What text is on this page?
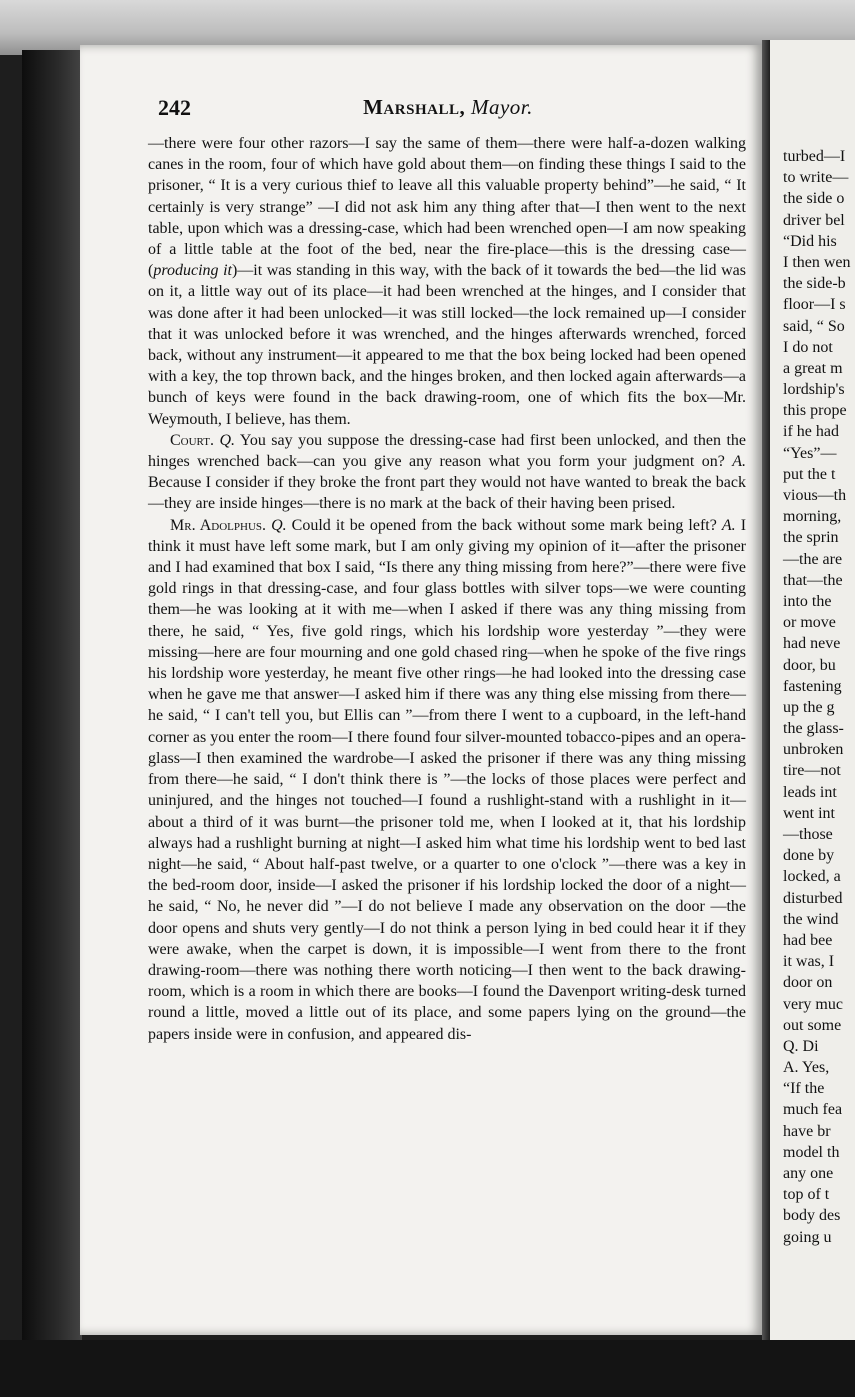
242	Marshall, Mayor.

—there were four other razors—I say the same of them—there were half-a-dozen walking canes in the room, four of which have gold about them—on finding these things I said to the prisoner, “ It is a very curious thief to leave all this valuable property behind”—he said, “ It certainly is very strange” —I did not ask him any thing after that—I then went to the next table, upon which was a dressing-case, which had been wrenched open—I am now speaking of a little table at the foot of the bed, near the fire-place—this is the dressing case—(producing it)—it was standing in this way, with the back of it towards the bed—the lid was on it, a little way out of its place—it had been wrenched at the hinges, and I consider that was done after it had been unlocked—it was still locked—the lock remained up—I consider that it was unlocked before it was wrenched, and the hinges afterwards wrenched, forced back, without any instrument—it appeared to me that the box being locked had been opened with a key, the top thrown back, and the hinges broken, and then locked again afterwards—a bunch of keys were found in the back drawing-room, one of which fits the box—Mr. Weymouth, I believe, has them.

Court. Q. You say you suppose the dressing-case had first been unlocked, and then the hinges wrenched back—can you give any reason what you form your judgment on? A. Because I consider if they broke the front part they would not have wanted to break the back—they are inside hinges—there is no mark at the back of their having been prised.

Mr. Adolphus. Q. Could it be opened from the back without some mark being left? A. I think it must have left some mark, but I am only giving my opinion of it—after the prisoner and I had examined that box I said, “Is there any thing missing from here?”—there were five gold rings in that dressing-case, and four glass bottles with silver tops—we were counting them—he was looking at it with me—when I asked if there was any thing missing from there, he said, “ Yes, five gold rings, which his lordship wore yesterday ”—they were missing—here are four mourning and one gold chased ring—when he spoke of the five rings his lordship wore yesterday, he meant five other rings—he had looked into the dressing case when he gave me that answer—I asked him if there was any thing else missing from there—he said, “ I can't tell you, but Ellis can ”—from there I went to a cupboard, in the left-hand corner as you enter the room—I there found four silver-mounted tobacco-pipes and an opera-glass—I then examined the wardrobe—I asked the prisoner if there was any thing missing from there—he said, “ I don't think there is ”—the locks of those places were perfect and uninjured, and the hinges not touched—I found a rushlight-stand with a rushlight in it—about a third of it was burnt—the prisoner told me, when I looked at it, that his lordship always had a rushlight burning at night—I asked him what time his lordship went to bed last night—he said, “ About half-past twelve, or a quarter to one o'clock ”—there was a key in the bed-room door, inside—I asked the prisoner if his lordship locked the door of a night—he said, “ No, he never did ”—I do not believe I made any observation on the door —the door opens and shuts very gently—I do not think a person lying in bed could hear it if they were awake, when the carpet is down, it is impossible—I went from there to the front drawing-room—there was nothing there worth noticing—I then went to the back drawing-room, which is a room in which there are books—I found the Davenport writing-desk turned round a little, moved a little out of its place, and some papers lying on the ground—the papers inside were in confusion, and appeared dis-

turbed—I
to write—
the side o
driver bel
“Did his
I then wen
the side-b
floor—I s
said, “ So
I do not
a great m
lordship's
this prope
if he had
“Yes”—
put the t
vious—th
morning,
the sprin
—the are
that—the
into the
or move
had neve
door, bu
fastening
up the g
the glass-
unbroken
tire—not
leads int
went int
—those
done by
locked, a
disturbed
the wind
had bee
it was, I
door on
very muc
out some
Q. Di
A. Yes,
“If the
much fea
have br
model th
any one
top of t
body des
going u
